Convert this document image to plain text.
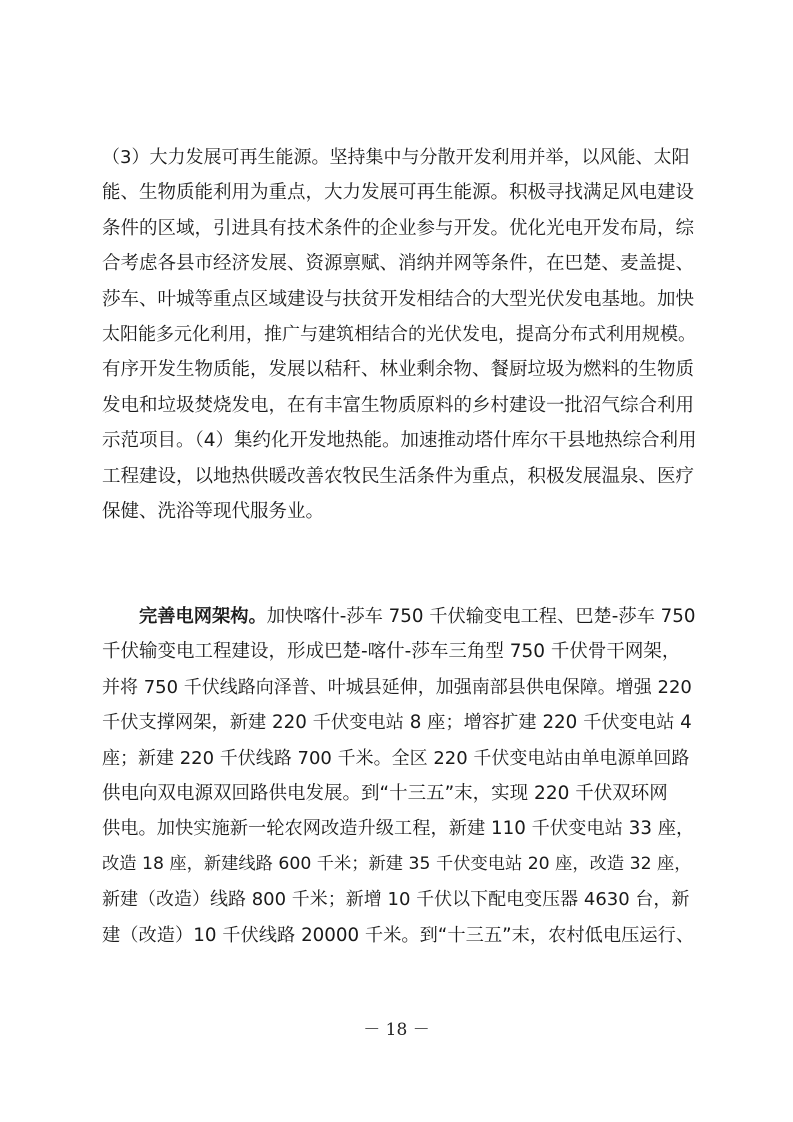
（3）大力发展可再生能源。坚持集中与分散开发利用并举，以风能、太阳
能、生物质能利用为重点，大力发展可再生能源。积极寻找满足风电建设
条件的区域，引进具有技术条件的企业参与开发。优化光电开发布局，综
合考虑各县市经济发展、资源禀赋、消纳并网等条件，在巴楚、麦盖提、
莎车、叶城等重点区域建设与扶贫开发相结合的大型光伏发电基地。加快
太阳能多元化利用，推广与建筑相结合的光伏发电，提高分布式利用规模。
有序开发生物质能，发展以秸秆、林业剩余物、餐厨垃圾为燃料的生物质
发电和垃圾焚烧发电，在有丰富生物质原料的乡村建设一批沼气综合利用
示范项目。（4）集约化开发地热能。加速推动塔什库尔干县地热综合利用
工程建设，以地热供暖改善农牧民生活条件为重点，积极发展温泉、医疗
保健、洗浴等现代服务业。
完善电网架构。加快喀什-莎车 750 千伏输变电工程、巴楚-莎车 750
千伏输变电工程建设，形成巴楚-喀什-莎车三角型 750 千伏骨干网架，
并将 750 千伏线路向泽普、叶城县延伸，加强南部县供电保障。增强 220
千伏支撑网架，新建 220 千伏变电站 8 座；增容扩建 220 千伏变电站 4
座；新建 220 千伏线路 700 千米。全区 220 千伏变电站由单电源单回路
供电向双电源双回路供电发展。到“十三五”末，实现 220 千伏双环网
供电。加快实施新一轮农网改造升级工程，新建 110 千伏变电站 33 座，
改造 18 座，新建线路 600 千米；新建 35 千伏变电站 20 座，改造 32 座，
新建（改造）线路 800 千米；新增 10 千伏以下配电变压器 4630 台，新
建（改造）10 千伏线路 20000 千米。到“十三五”末，农村低电压运行、
－ 18 －
